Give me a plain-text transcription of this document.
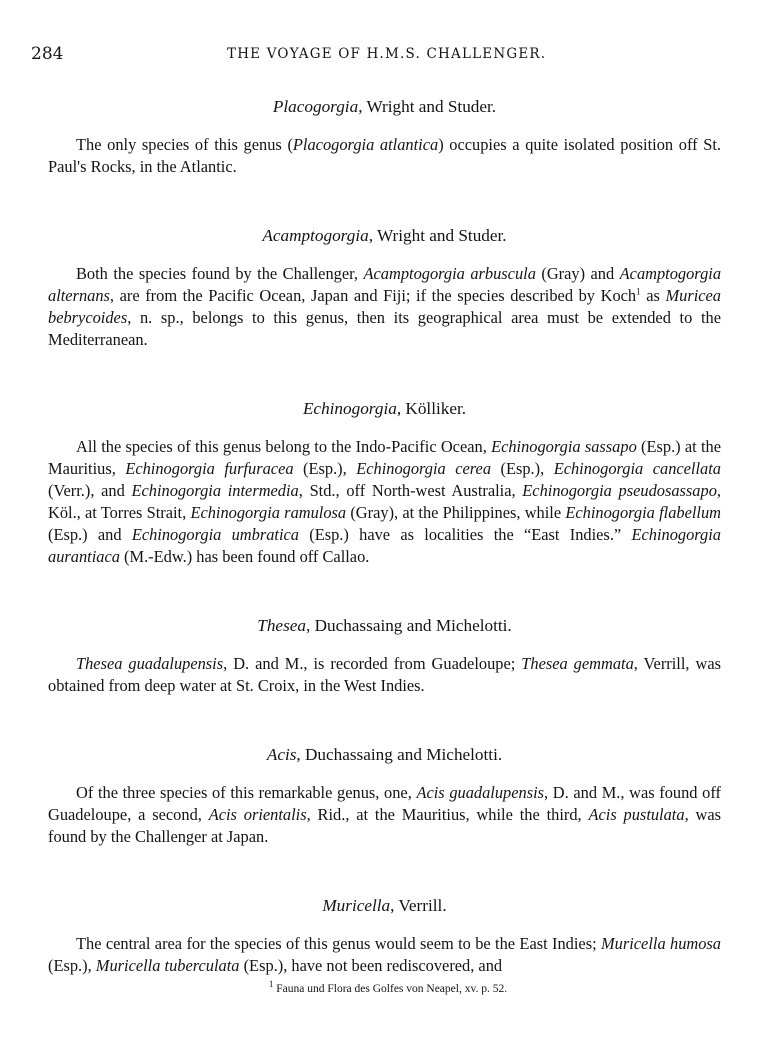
284	THE VOYAGE OF H.M.S. CHALLENGER.
Placogorgia, Wright and Studer.

The only species of this genus (Placogorgia atlantica) occupies a quite isolated position off St. Paul's Rocks, in the Atlantic.

Acamptogorgia, Wright and Studer.

Both the species found by the Challenger, Acamptogorgia arbuscula (Gray) and Acamptogorgia alternans, are from the Pacific Ocean, Japan and Fiji; if the species described by Koch$^1$ as Muricea bebrycoides, n. sp., belongs to this genus, then its geographical area must be extended to the Mediterranean.

Echinogorgia, Kölliker.

All the species of this genus belong to the Indo-Pacific Ocean, Echinogorgia sassapo (Esp.) at the Mauritius, Echinogorgia furfuracea (Esp.), Echinogorgia cerea (Esp.), Echinogorgia cancellata (Verr.), and Echinogorgia intermedia, Std., off North-west Australia, Echinogorgia pseudosassapo, Köl., at Torres Strait, Echinogorgia ramulosa (Gray), at the Philippines, while Echinogorgia flabellum (Esp.) and Echinogorgia umbratica (Esp.) have as localities the “East Indies.” Echinogorgia aurantiaca (M.-Edw.) has been found off Callao.

Thesea, Duchassaing and Michelotti.

Thesea guadalupensis, D. and M., is recorded from Guadeloupe; Thesea gemmata, Verrill, was obtained from deep water at St. Croix, in the West Indies.

Acis, Duchassaing and Michelotti.

Of the three species of this remarkable genus, one, Acis guadalupensis, D. and M., was found off Guadeloupe, a second, Acis orientalis, Rid., at the Mauritius, while the third, Acis pustulata, was found by the Challenger at Japan.

Muricella, Verrill.

The central area for the species of this genus would seem to be the East Indies; Muricella humosa (Esp.), Muricella tuberculata (Esp.), have not been rediscovered, and

$^1$ Fauna und Flora des Golfes von Neapel, xv. p. 52.
